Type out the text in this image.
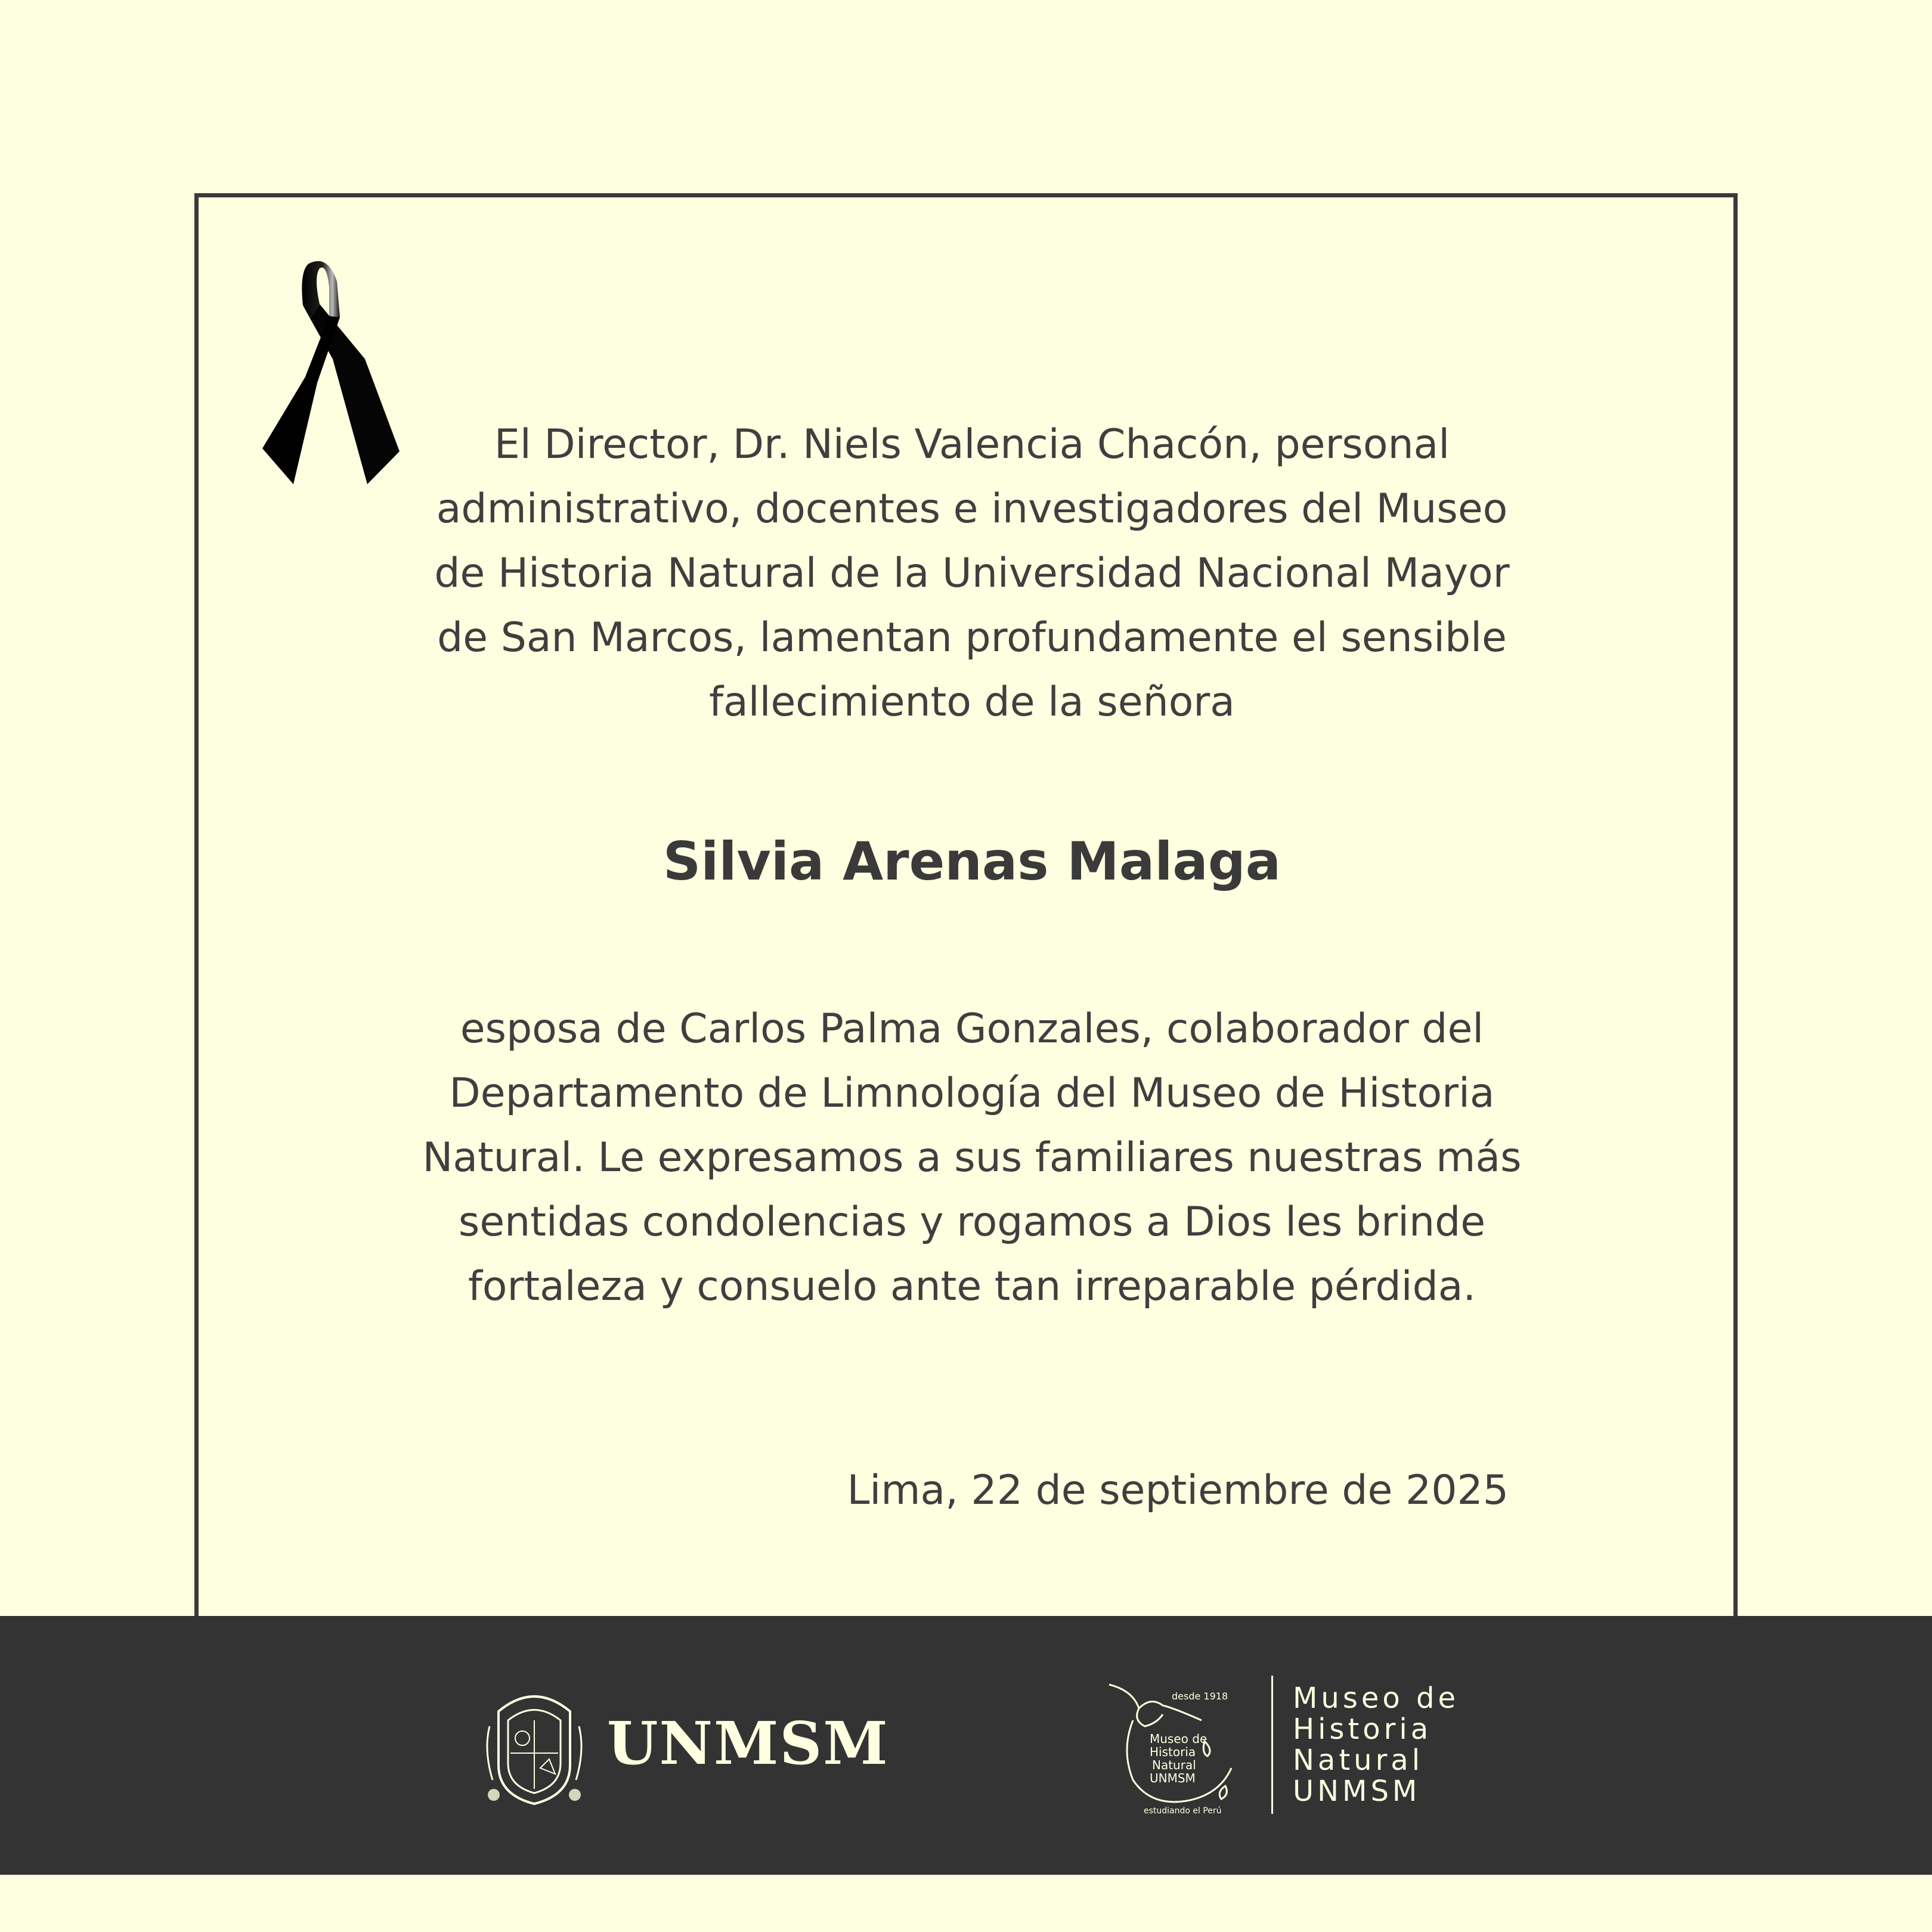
El Director, Dr. Niels Valencia Chacón, personal administrativo, docentes e investigadores del Museo de Historia Natural de la Universidad Nacional Mayor de San Marcos, lamentan profundamente el sensible fallecimiento de la señora

Silvia Arenas Malaga

esposa de Carlos Palma Gonzales, colaborador del Departamento de Limnología del Museo de Historia Natural. Le expresamos a sus familiares nuestras más sentidas condolencias y rogamos a Dios les brinde fortaleza y consuelo ante tan irreparable pérdida.

Lima, 22 de septiembre de 2025

UNMSM
desde 1918
Museo de
Historia
Natural
UNMSM
estudiando el Perú
Museo de
Historia
Natural
UNMSM
